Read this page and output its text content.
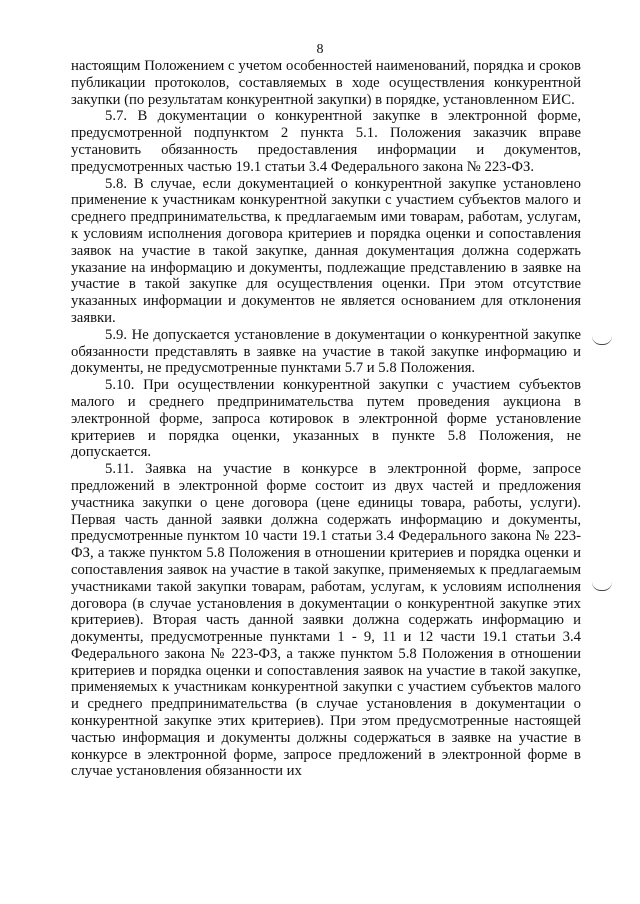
8

настоящим Положением с учетом особенностей наименований, порядка и сроков публикации протоколов, составляемых в ходе осуществления конкурентной закупки (по результатам конкурентной закупки) в порядке, установленном ЕИС.

5.7. В документации о конкурентной закупке в электронной форме, предусмотренной подпунктом 2 пункта 5.1. Положения заказчик вправе установить обязанность предоставления информации и документов, предусмотренных частью 19.1 статьи 3.4 Федерального закона № 223-ФЗ.

5.8. В случае, если документацией о конкурентной закупке установлено применение к участникам конкурентной закупки с участием субъектов малого и среднего предпринимательства, к предлагаемым ими товарам, работам, услугам, к условиям исполнения договора критериев и порядка оценки и сопоставления заявок на участие в такой закупке, данная документация должна содержать указание на информацию и документы, подлежащие представлению в заявке на участие в такой закупке для осуществления оценки. При этом отсутствие указанных информации и документов не является основанием для отклонения заявки.

5.9. Не допускается установление в документации о конкурентной закупке обязанности представлять в заявке на участие в такой закупке информацию и документы, не предусмотренные пунктами 5.7 и 5.8 Положения.

5.10. При осуществлении конкурентной закупки с участием субъектов малого и среднего предпринимательства путем проведения аукциона в электронной форме, запроса котировок в электронной форме установление критериев и порядка оценки, указанных в пункте 5.8 Положения, не допускается.

5.11. Заявка на участие в конкурсе в электронной форме, запросе предложений в электронной форме состоит из двух частей и предложения участника закупки о цене договора (цене единицы товара, работы, услуги). Первая часть данной заявки должна содержать информацию и документы, предусмотренные пунктом 10 части 19.1 статьи 3.4 Федерального закона № 223-ФЗ, а также пунктом 5.8 Положения в отношении критериев и порядка оценки и сопоставления заявок на участие в такой закупке, применяемых к предлагаемым участниками такой закупки товарам, работам, услугам, к условиям исполнения договора (в случае установления в документации о конкурентной закупке этих критериев). Вторая часть данной заявки должна содержать информацию и документы, предусмотренные пунктами 1 - 9, 11 и 12 части 19.1 статьи 3.4 Федерального закона № 223-ФЗ, а также пунктом 5.8 Положения в отношении критериев и порядка оценки и сопоставления заявок на участие в такой закупке, применяемых к участникам конкурентной закупки с участием субъектов малого и среднего предпринимательства (в случае установления в документации о конкурентной закупке этих критериев). При этом предусмотренные настоящей частью информация и документы должны содержаться в заявке на участие в конкурсе в электронной форме, запросе предложений в электронной форме в случае установления обязанности их
